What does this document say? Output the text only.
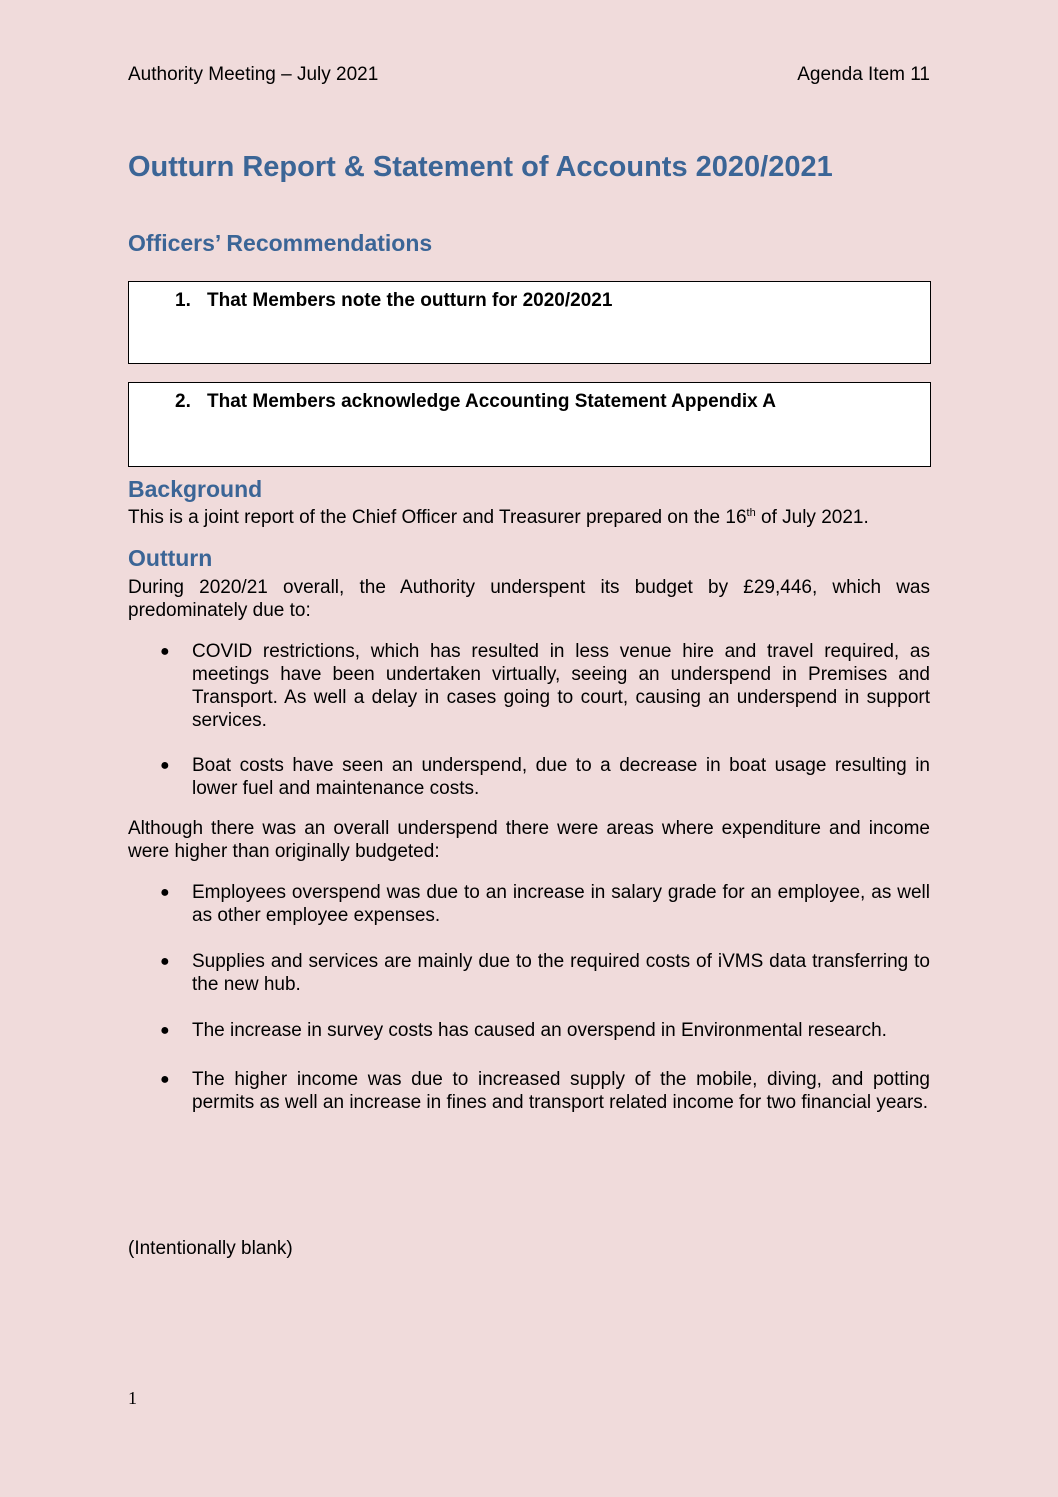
Authority Meeting – July 2021	Agenda Item 11
Outturn Report & Statement of Accounts 2020/2021
Officers’ Recommendations
1. That Members note the outturn for 2020/2021
2. That Members acknowledge Accounting Statement Appendix A
Background
This is a joint report of the Chief Officer and Treasurer prepared on the 16th of July 2021.
Outturn
During 2020/21 overall, the Authority underspent its budget by £29,446, which was predominately due to:
● COVID restrictions, which has resulted in less venue hire and travel required, as meetings have been undertaken virtually, seeing an underspend in Premises and Transport. As well a delay in cases going to court, causing an underspend in support services.
● Boat costs have seen an underspend, due to a decrease in boat usage resulting in lower fuel and maintenance costs.
Although there was an overall underspend there were areas where expenditure and income were higher than originally budgeted:
● Employees overspend was due to an increase in salary grade for an employee, as well as other employee expenses.
● Supplies and services are mainly due to the required costs of iVMS data transferring to the new hub.
● The increase in survey costs has caused an overspend in Environmental research.
● The higher income was due to increased supply of the mobile, diving, and potting permits as well an increase in fines and transport related income for two financial years.
(Intentionally blank)
1
